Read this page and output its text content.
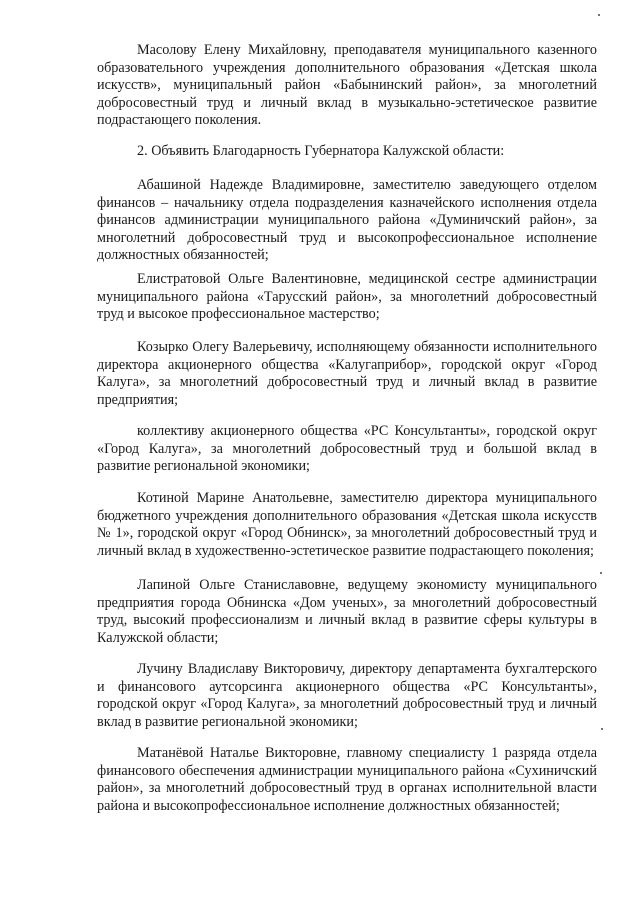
Масолову Елену Михайловну, преподавателя муниципального казенного образовательного учреждения дополнительного образования «Детская школа искусств», муниципальный район «Бабынинский район», за многолетний добросовестный труд и личный вклад в музыкально-эстетическое развитие подрастающего поколения.

2. Объявить Благодарность Губернатора Калужской области:

Абашиной Надежде Владимировне, заместителю заведующего отделом финансов – начальнику отдела подразделения казначейского исполнения отдела финансов администрации муниципального района «Думиничский район», за многолетний добросовестный труд и высокопрофессиональное исполнение должностных обязанностей;

Елистратовой Ольге Валентиновне, медицинской сестре администрации муниципального района «Тарусский район», за многолетний добросовестный труд и высокое профессиональное мастерство;

Козырко Олегу Валерьевичу, исполняющему обязанности исполнительного директора акционерного общества «Калугаприбор», городской округ «Город Калуга», за многолетний добросовестный труд и личный вклад в развитие предприятия;

коллективу акционерного общества «РС Консультанты», городской округ «Город Калуга», за многолетний добросовестный труд и большой вклад в развитие региональной экономики;

Котиной Марине Анатольевне, заместителю директора муниципального бюджетного учреждения дополнительного образования «Детская школа искусств № 1», городской округ «Город Обнинск», за многолетний добросовестный труд и личный вклад в художественно-эстетическое развитие подрастающего поколения;

Лапиной Ольге Станиславовне, ведущему экономисту муниципального предприятия города Обнинска «Дом ученых», за многолетний добросовестный труд, высокий профессионализм и личный вклад в развитие сферы культуры в Калужской области;

Лучину Владиславу Викторовичу, директору департамента бухгалтерского и финансового аутсорсинга акционерного общества «РС Консультанты», городской округ «Город Калуга», за многолетний добросовестный труд и личный вклад в развитие региональной экономики;

Матанёвой Наталье Викторовне, главному специалисту 1 разряда отдела финансового обеспечения администрации муниципального района «Сухиничский район», за многолетний добросовестный труд в органах исполнительной власти района и высокопрофессиональное исполнение должностных обязанностей;
